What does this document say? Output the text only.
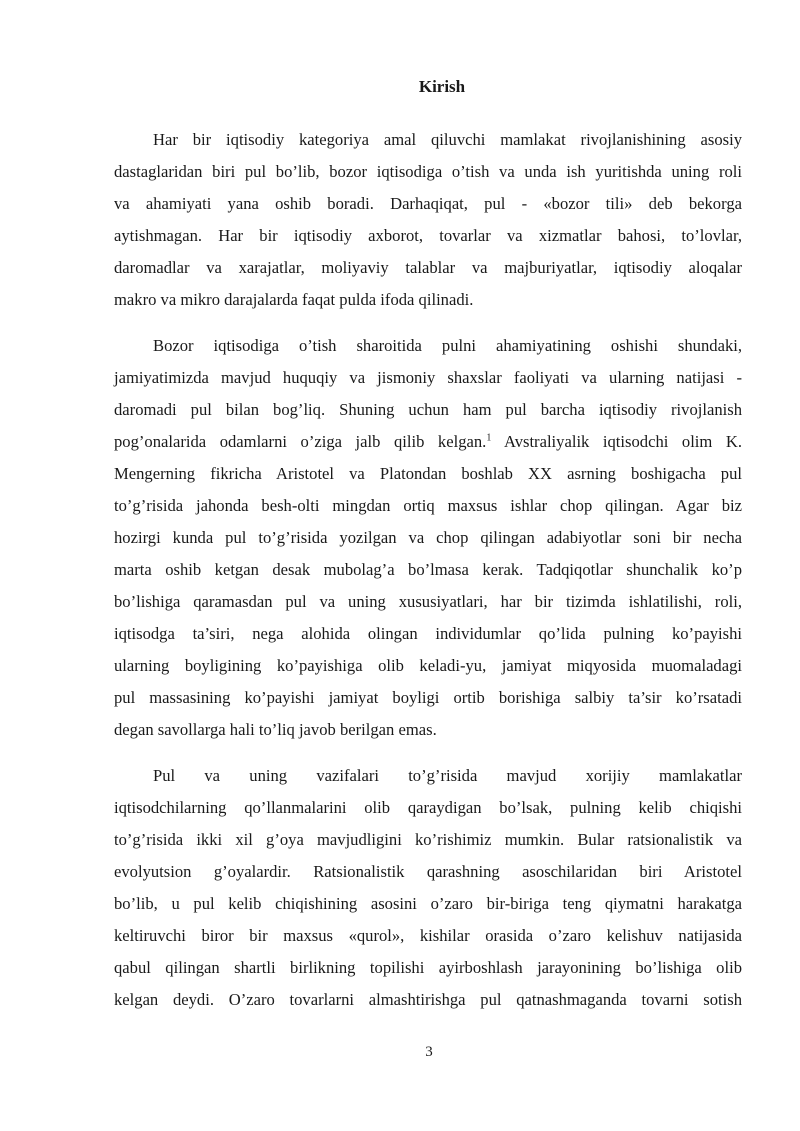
Kirish
Har bir iqtisodiy kategoriya amal qiluvchi mamlakat rivojlanishining asosiy
dastaglaridan biri pul bo’lib, bozor iqtisodiga o’tish va unda ish yuritishda uning roli
va ahamiyati yana oshib boradi. Darhaqiqat, pul - «bozor tili» deb bekorga
aytishmagan. Har bir iqtisodiy axborot, tovarlar va xizmatlar bahosi, to’lovlar,
daromadlar va xarajatlar, moliyaviy talablar va majburiyatlar, iqtisodiy aloqalar
makro va mikro darajalarda faqat pulda ifoda qilinadi.
Bozor iqtisodiga o’tish sharoitida pulni ahamiyatining oshishi shundaki,
jamiyatimizda mavjud huquqiy va jismoniy shaxslar faoliyati va ularning natijasi -
daromadi pul bilan bog’liq. Shuning uchun ham pul barcha iqtisodiy rivojlanish
pog’onalarida odamlarni o’ziga jalb qilib kelgan.$^1$ Avstraliyalik iqtisodchi olim K.
Mengerning fikricha Aristotel va Platondan boshlab XX asrning boshigacha pul
to’g’risida jahonda besh-olti mingdan ortiq maxsus ishlar chop qilingan. Agar biz
hozirgi kunda pul to’g’risida yozilgan va chop qilingan adabiyotlar soni bir necha
marta oshib ketgan desak mubolag’a bo’lmasa kerak. Tadqiqotlar shunchalik ko’p
bo’lishiga qaramasdan pul va uning xususiyatlari, har bir tizimda ishlatilishi, roli,
iqtisodga ta’siri, nega alohida olingan individumlar qo’lida pulning ko’payishi
ularning boyligining ko’payishiga olib keladi-yu, jamiyat miqyosida muomaladagi
pul massasining ko’payishi jamiyat boyligi ortib borishiga salbiy ta’sir ko’rsatadi
degan savollarga hali to’liq javob berilgan emas.
Pul va uning vazifalari to’g’risida mavjud xorijiy mamlakatlar
iqtisodchilarning qo’llanmalarini olib qaraydigan bo’lsak, pulning kelib chiqishi
to’g’risida ikki xil g’oya mavjudligini ko’rishimiz mumkin. Bular ratsionalistik va
evolyutsion g’oyalardir. Ratsionalistik qarashning asoschilaridan biri Aristotel
bo’lib, u pul kelib chiqishining asosini o’zaro bir-biriga teng qiymatni harakatga
keltiruvchi biror bir maxsus «qurol», kishilar orasida o’zaro kelishuv natijasida
qabul qilingan shartli birlikning topilishi ayirboshlash jarayonining bo’lishiga olib
kelgan deydi. O’zaro tovarlarni almashtirishga pul qatnashmaganda tovarni sotish
3
